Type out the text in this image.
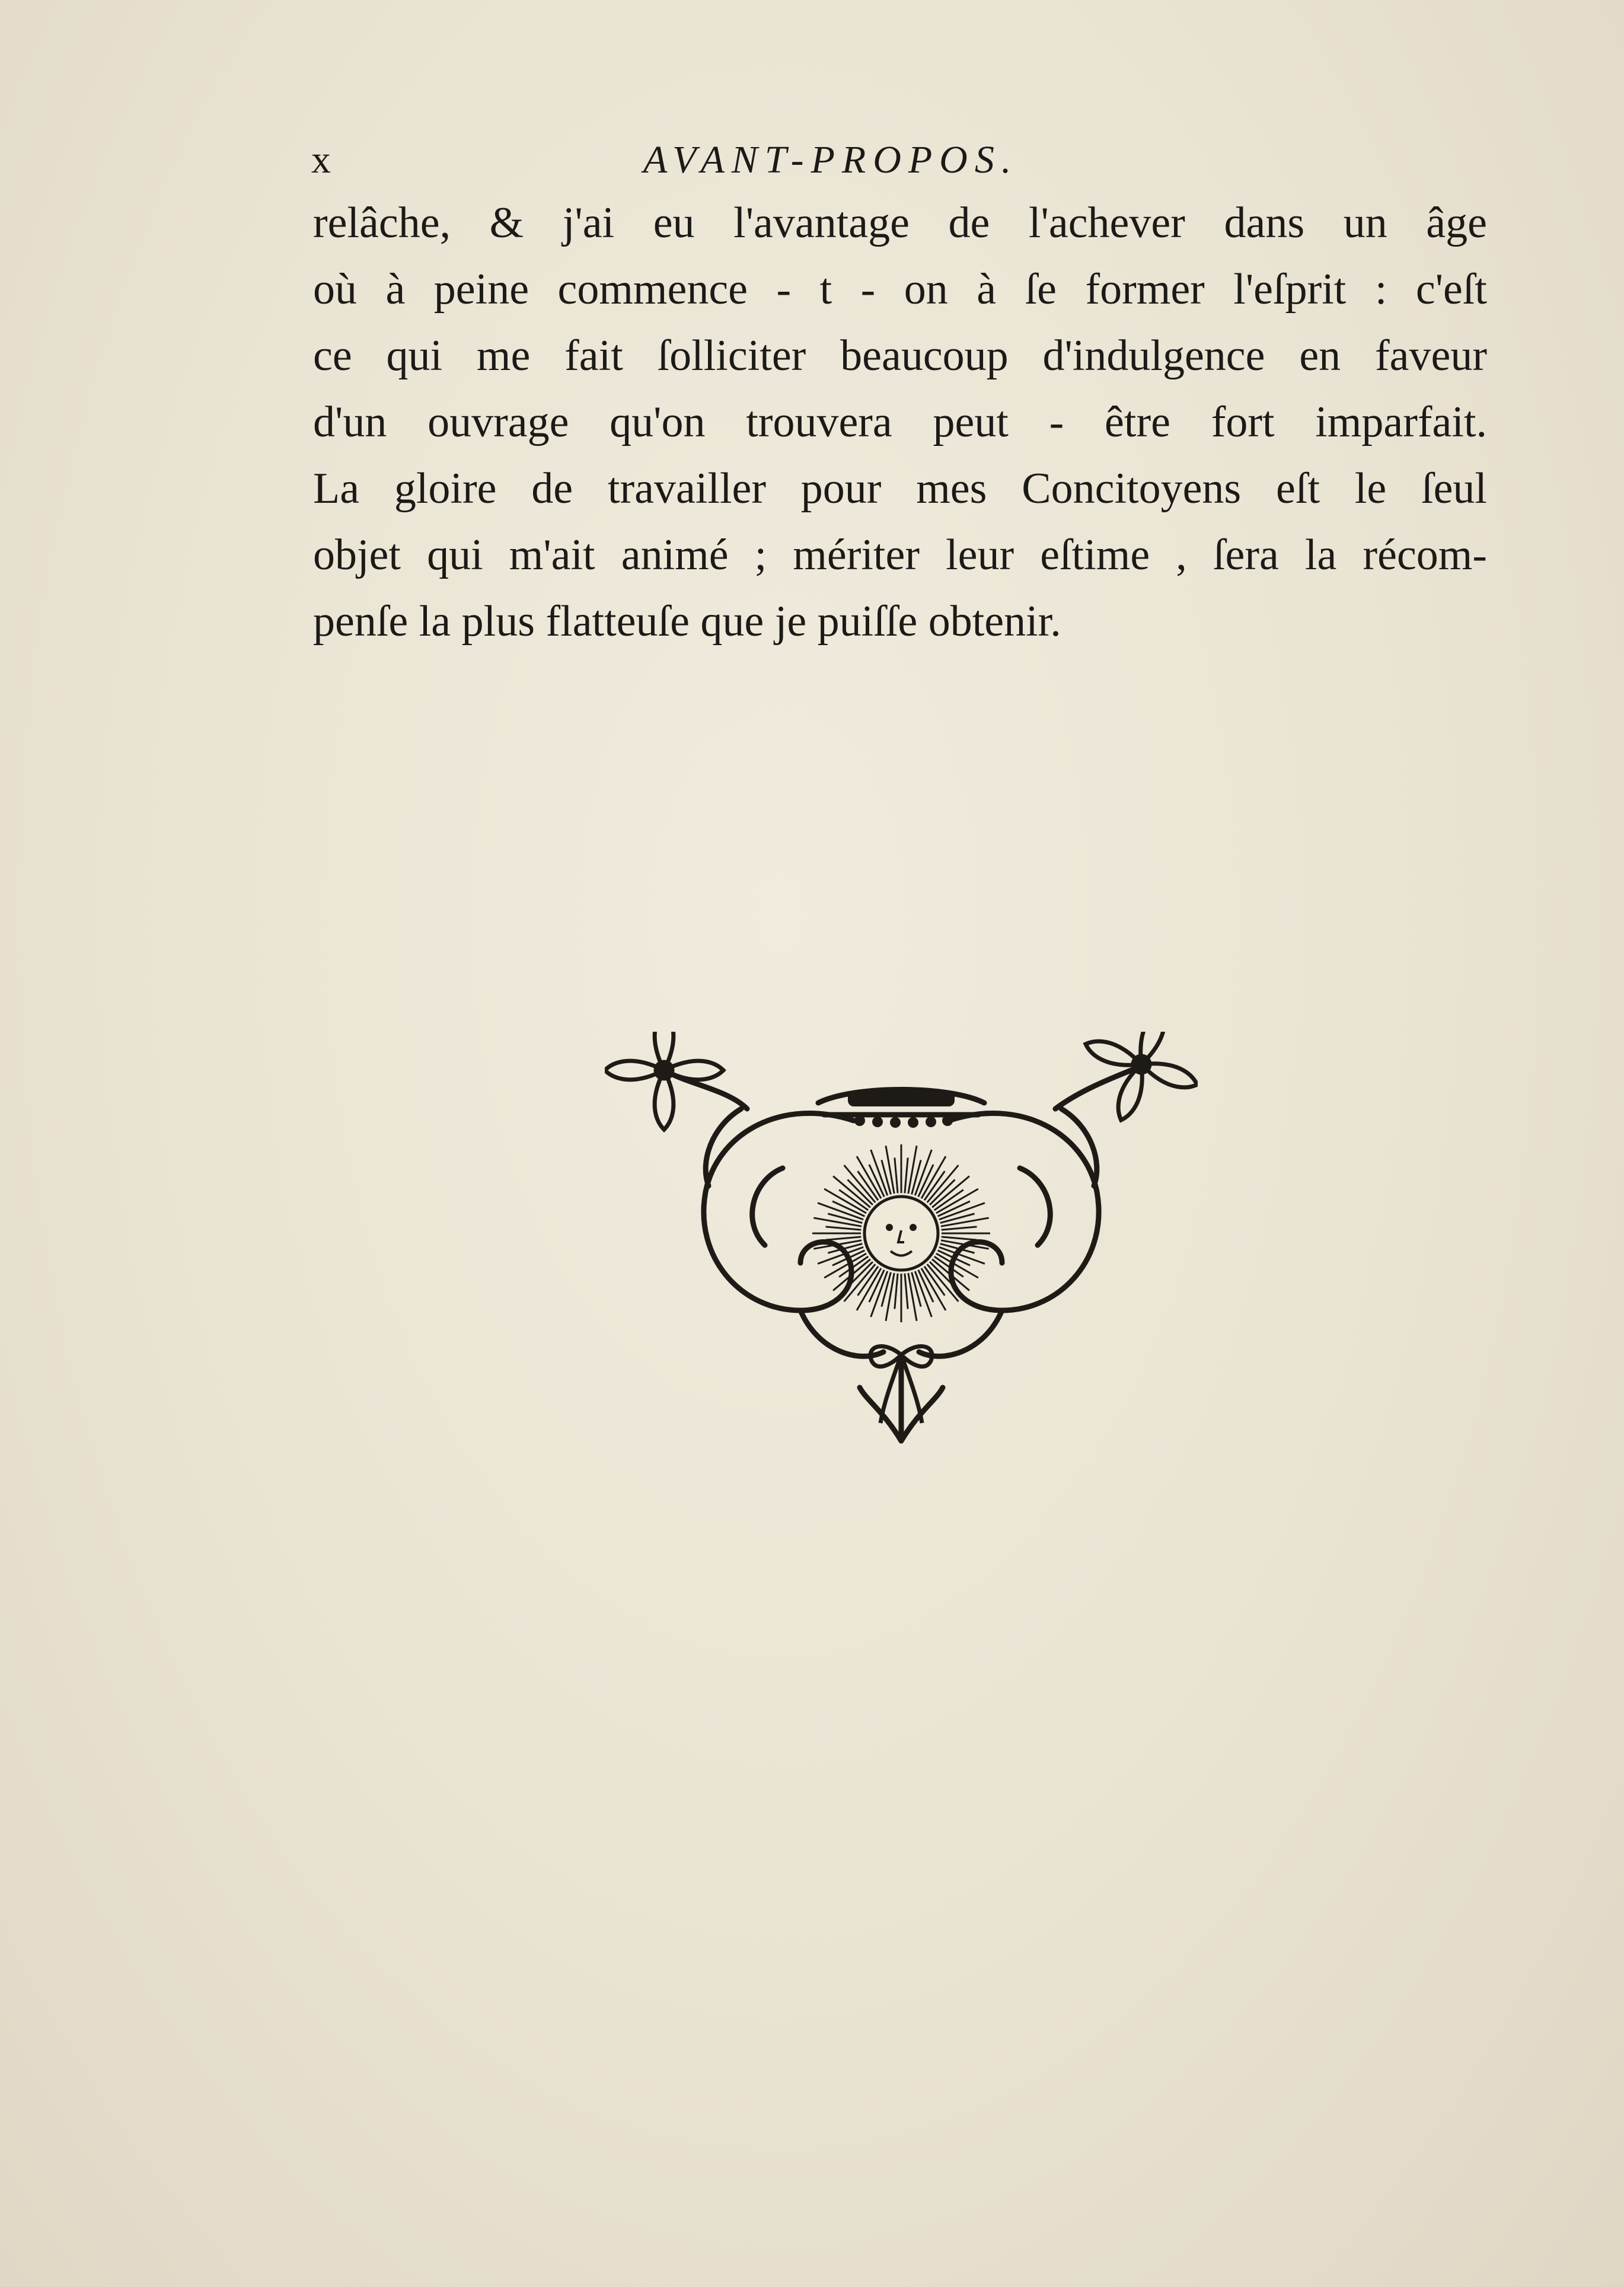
x	AVANT-PROPOS.
relâche, & j'ai eu l'avantage de l'achever dans un âge
où à peine commence - t - on à ſe former l'eſprit : c'eſt
ce qui me fait ſolliciter beaucoup d'indulgence en faveur
d'un ouvrage qu'on trouvera peut - être fort imparfait.
La gloire de travailler pour mes Concitoyens eſt le ſeul
objet qui m'ait animé ; mériter leur eſtime , ſera la récom-
penſe la plus flatteuſe que je puiſſe obtenir.
